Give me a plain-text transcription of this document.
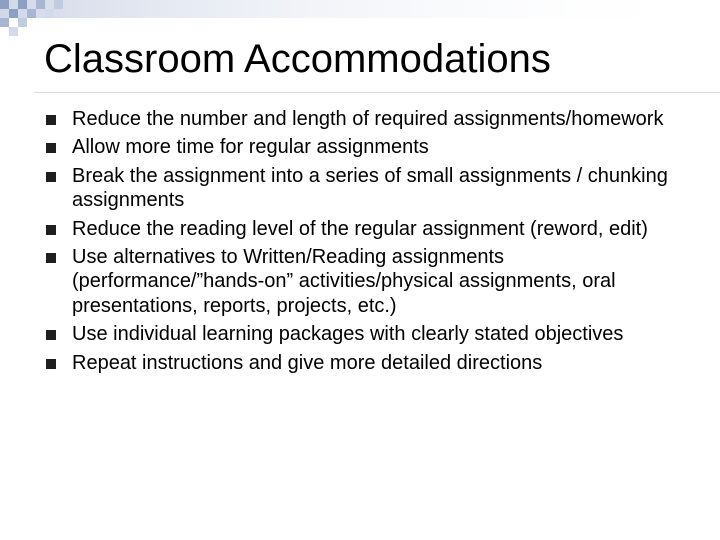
Classroom Accommodations
Reduce the number and length of required assignments/homework
Allow more time for regular assignments
Break the assignment into a series of small assignments / chunking assignments
Reduce the reading level of the regular assignment (reword, edit)
Use alternatives to Written/Reading assignments (performance/”hands-on” activities/physical assignments, oral presentations, reports, projects, etc.)
Use individual learning packages with clearly stated objectives
Repeat instructions and give more detailed directions
